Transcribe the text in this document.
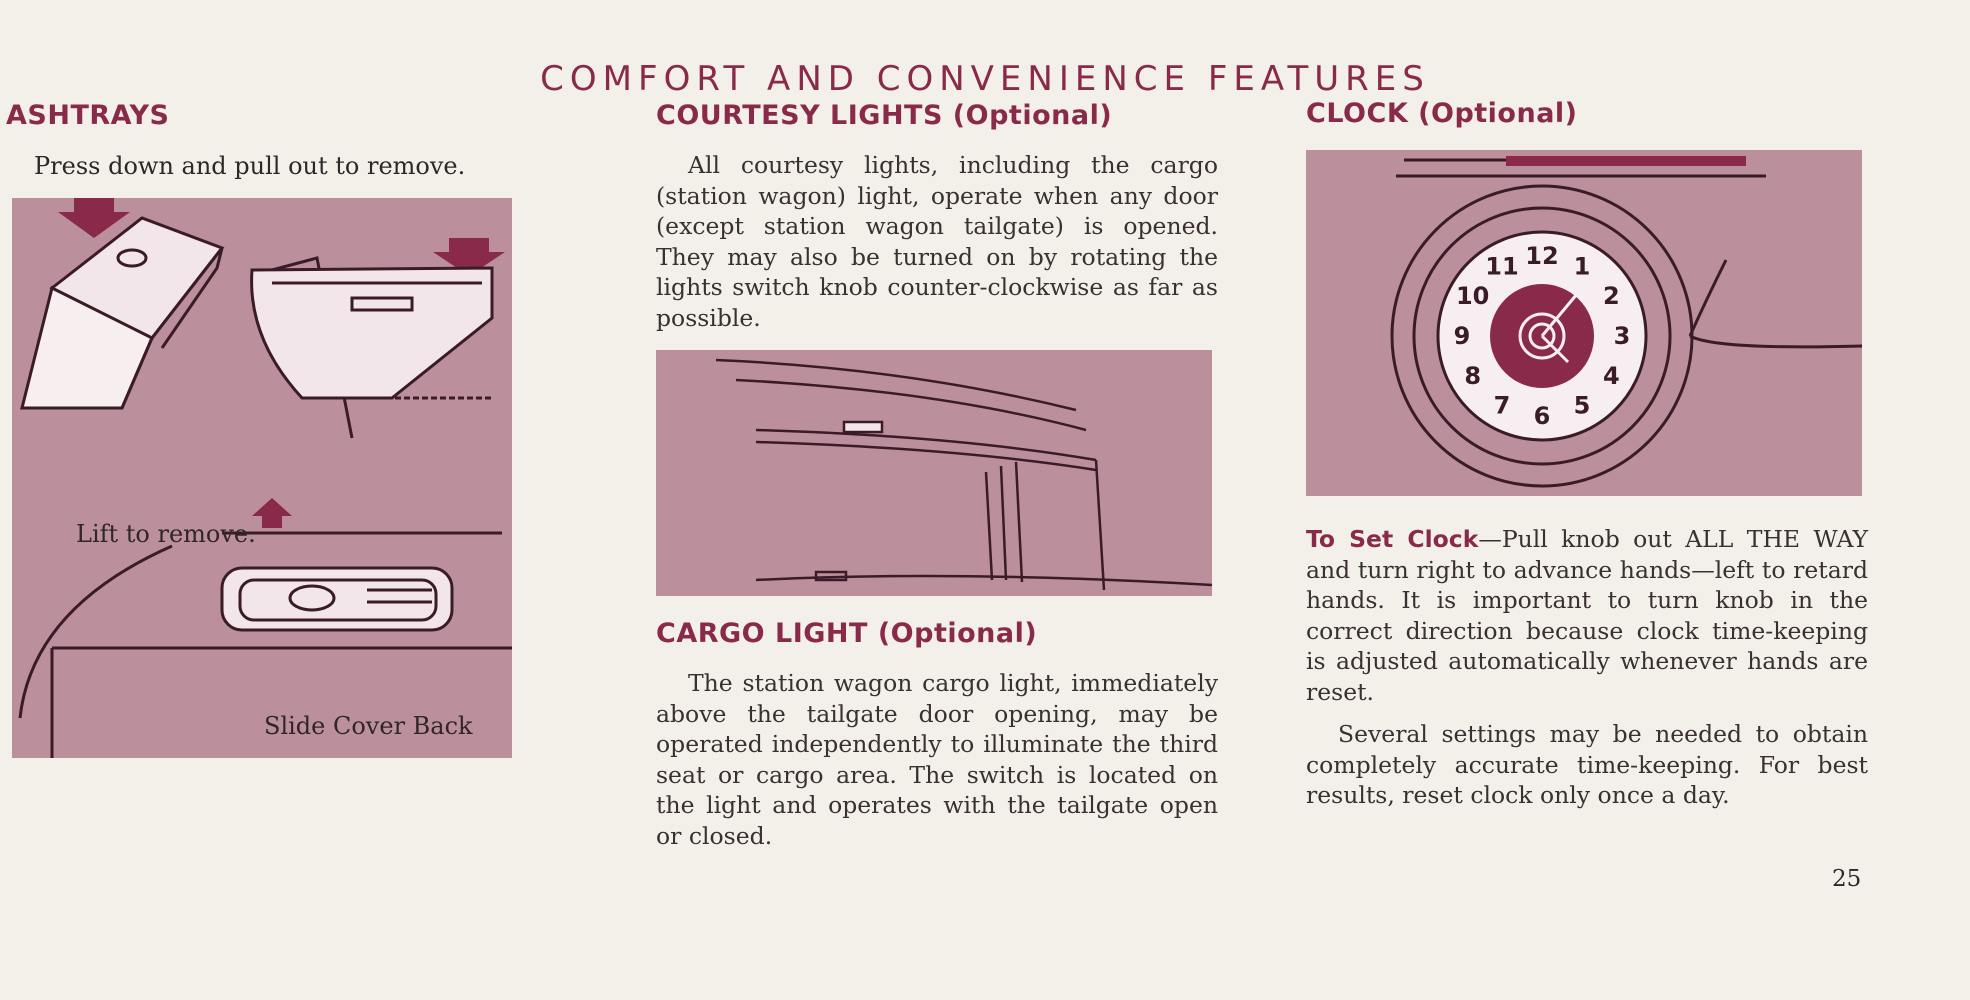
COMFORT AND CONVENIENCE FEATURES
ASHTRAYS
Press down and pull out to remove.
Lift to remove.
Slide Cover Back
COURTESY LIGHTS (Optional)

All courtesy lights, including the cargo (station wagon) light, operate when any door (except station wagon tailgate) is opened. They may also be turned on by rotating the lights switch knob counter-clockwise as far as possible.

CARGO LIGHT (Optional)

The station wagon cargo light, immediately above the tailgate door opening, may be operated independently to illuminate the third seat or cargo area. The switch is located on the light and operates with the tailgate open or closed.

CLOCK (Optional)
12 1
2
3
4
5
6
7
8
9
10
11

To Set Clock—Pull knob out ALL THE WAY and turn right to advance hands—left to retard hands. It is important to turn knob in the correct direction because clock time-keeping is adjusted automatically whenever hands are reset.

Several settings may be needed to obtain completely accurate time-keeping. For best results, reset clock only once a day.

25
